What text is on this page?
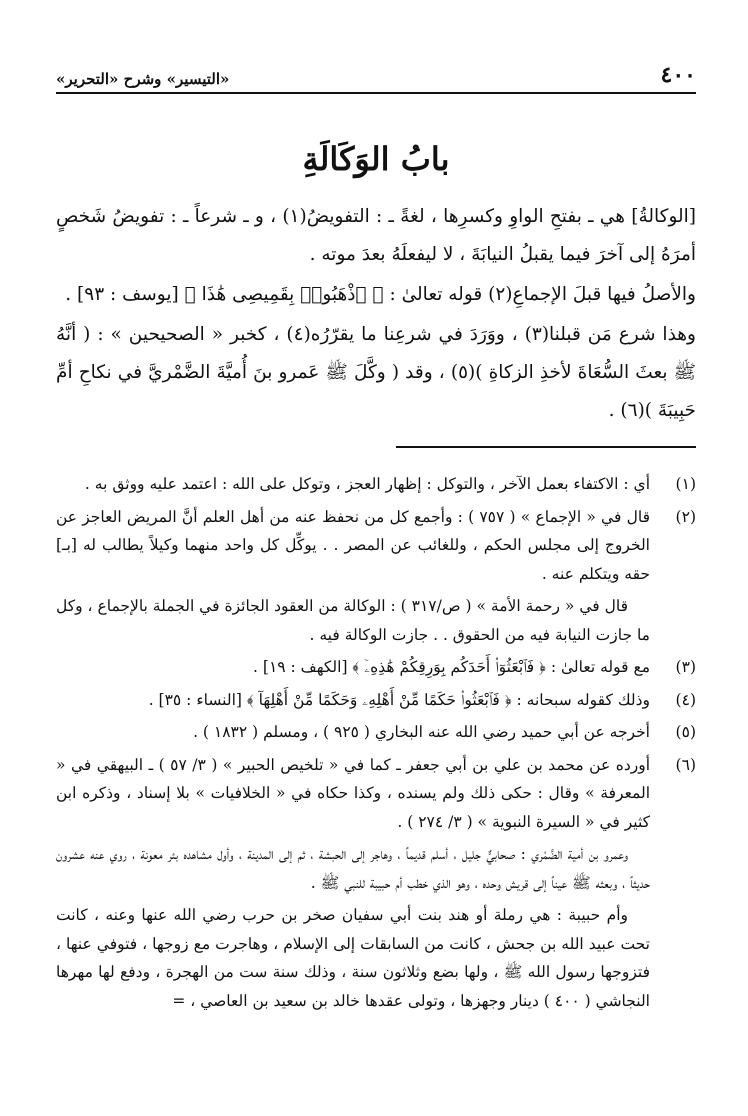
٤٠٠
«التيسير» وشرح «التحرير»
بابُ الوَكَالَةِ

[الوكالةُ] هي ـ بفتحِ الواوِ وكسرِها ، لغةً ـ : التفويضُ(١) ، و ـ شرعاً ـ : تفويضُ شَخصٍ أمرَهُ إلى آخرَ فيما يقبلُ النيابَةَ ، لا ليفعلَهُ بعدَ موته .

والأصلُ فيها قبلَ الإجماعِ(٢) قوله تعالىٰ : ﴿ ٱذْهَبُوا۟ بِقَمِيصِى هَٰذَا ﴾ [يوسف : ٩٣] .

وهذا شرع مَن قبلنا(٣) ، ووَرَدَ في شرعِنا ما يقرّرُه(٤) ، كخبر « الصحيحين » : ( أنَّهُ ﷺ بعثَ السُّعَاةَ لأخذِ الزكاةِ )(٥) ، وقد ( وكَّلَ ﷺ عَمرو بنَ أُميَّةَ الضَّمْريَّ في نكاحِ أمِّ حَبِيبَةَ )(٦) .

(١)

أي : الاكتفاء بعمل الآخر ، والتوكل : إظهار العجز ، وتوكل على الله : اعتمد عليه ووثق به .

(٢)

قال في « الإجماع » ( ٧٥٧ ) : وأجمع كل من نحفظ عنه من أهل العلم أنَّ المريض العاجز عن الخروج إلى مجلس الحكم ، وللغائب عن المصر . . يوكِّل كل واحد منهما وكيلاً يطالب له [بـ] حقه ويتكلم عنه .

قال في « رحمة الأمة » ( ص/٣١٧ ) : الوكالة من العقود الجائزة في الجملة بالإجماع ، وكل ما جازت النيابة فيه من الحقوق . . جازت الوكالة فيه .

(٣)

مع قوله تعالىٰ : ﴿ فَٱبْعَثُوٓا۟ أَحَدَكُم بِوَرِقِكُمْ هَٰذِهِۦٓ ﴾ [الكهف : ١٩] .

(٤)

وذلك كقوله سبحانه : ﴿ فَٱبْعَثُوا۟ حَكَمًا مِّنْ أَهْلِهِۦ وَحَكَمًا مِّنْ أَهْلِهَآ ﴾ [النساء : ٣٥] .

(٥)

أخرجه عن أبي حميد رضي الله عنه البخاري ( ٩٢٥ ) ، ومسلم ( ١٨٣٢ ) .

(٦)

أورده عن محمد بن علي بن أبي جعفر ـ كما في « تلخيص الحبير » ( ٣/ ٥٧ ) ـ البيهقي في « المعرفة » وقال : حكى ذلك ولم يسنده ، وكذا حكاه في « الخلافيات » بلا إسناد ، وذكره ابن كثير في « السيرة النبوية » ( ٣/ ٢٧٤ ) .

وعمرو بن أمية الضَّمْري : صحابيٌّ جليل ، أسلم قديماً ، وهاجر إلى الحبشة ، ثم إلى المدينة ، وأول مشاهده بئر معونة ، روي عنه عشرون حديثاً ، وبعثه ﷺ عيناً إلى قريش وحده ، وهو الذي خطب أم حبيبة للنبي ﷺ .

وأم حبيبة : هي رملة أو هند بنت أبي سفيان صخر بن حرب رضي الله عنها وعنه ، كانت تحت عبيد الله بن جحش ، كانت من السابقات إلى الإسلام ، وهاجرت مع زوجها ، فتوفي عنها ، فتزوجها رسول الله ﷺ ، ولها بضع وثلاثون سنة ، وذلك سنة ست من الهجرة ، ودفع لها مهرها النجاشي ( ٤٠٠ ) دينار وجهزها ، وتولى عقدها خالد بن سعيد بن العاصي ، =
